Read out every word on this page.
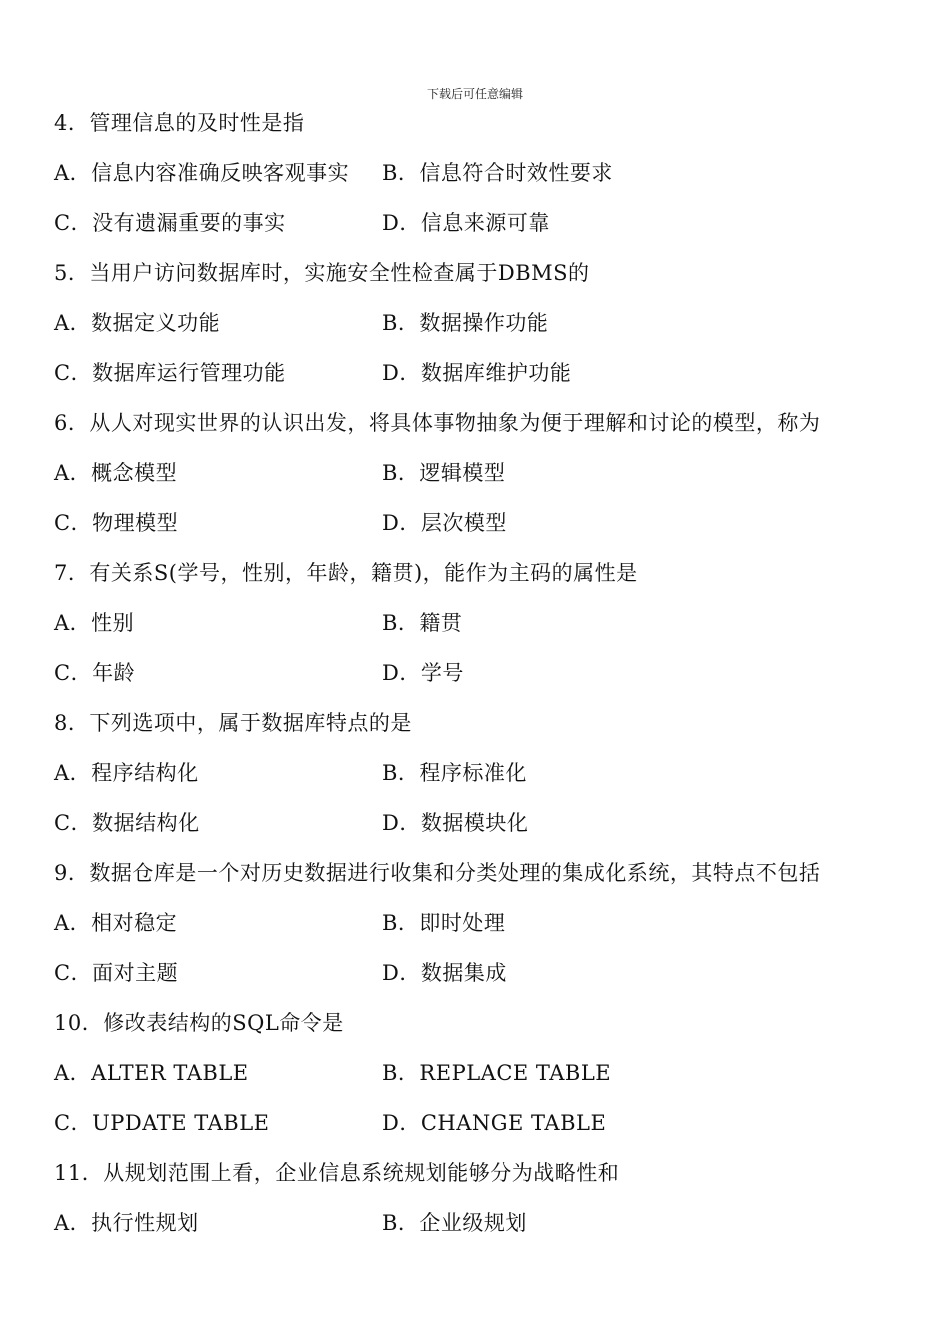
下载后可任意编辑
4．管理信息的及时性是指
A．信息内容准确反映客观事实	B．信息符合时效性要求
C．没有遗漏重要的事实	D．信息来源可靠
5．当用户访问数据库时，实施安全性检查属于DBMS的
A．数据定义功能	B．数据操作功能
C．数据库运行管理功能	D．数据库维护功能
6．从人对现实世界的认识出发，将具体事物抽象为便于理解和讨论的模型，称为
A．概念模型	B．逻辑模型
C．物理模型	D．层次模型
7．有关系S(学号，性别，年龄，籍贯)，能作为主码的属性是
A．性别	B．籍贯
C．年龄	D．学号
8．下列选项中，属于数据库特点的是
A．程序结构化	B．程序标准化
C．数据结构化	D．数据模块化
9．数据仓库是一个对历史数据进行收集和分类处理的集成化系统，其特点不包括
A．相对稳定	B．即时处理
C．面对主题	D．数据集成
10．修改表结构的SQL命令是
A．ALTER TABLE	B．REPLACE TABLE
C．UPDATE TABLE	D．CHANGE TABLE
11．从规划范围上看，企业信息系统规划能够分为战略性和
A．执行性规划	B．企业级规划
